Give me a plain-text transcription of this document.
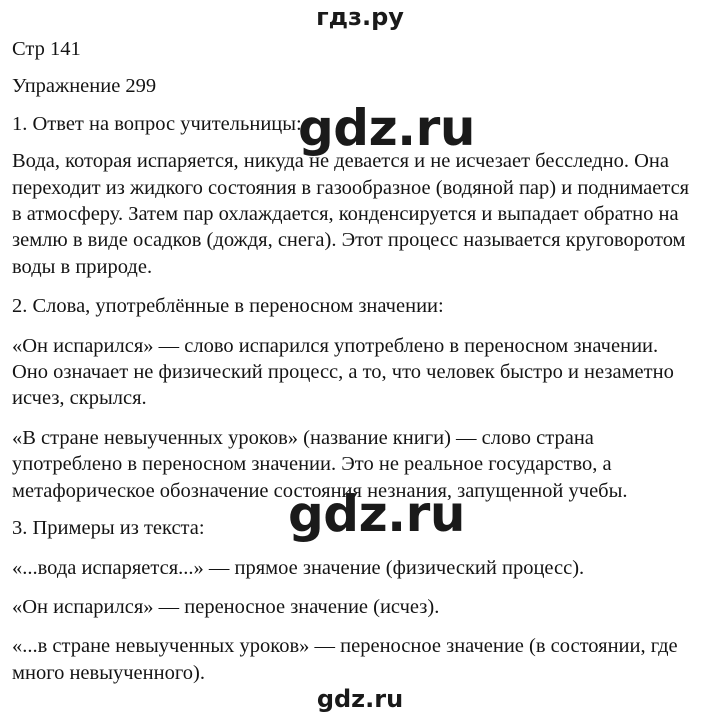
гдз.ру

Стр 141

Упражнение 299

1. Ответ на вопрос учительницы:

Вода, которая испаряется, никуда не девается и не исчезает бесследно. Она

переходит из жидкого состояния в газообразное (водяной пар) и поднимается

в атмосферу. Затем пар охлаждается, конденсируется и выпадает обратно на

землю в виде осадков (дождя, снега). Этот процесс называется круговоротом

воды в природе.

2. Слова, употреблённые в переносном значении:

«Он испарился» — слово испарился употреблено в переносном значении.

Оно означает не физический процесс, а то, что человек быстро и незаметно

исчез, скрылся.

«В стране невыученных уроков» (название книги) — слово страна

употреблено в переносном значении. Это не реальное государство, а

метафорическое обозначение состояния незнания, запущенной учебы.

3. Примеры из текста:

«...вода испаряется...» — прямое значение (физический процесс).

«Он испарился» — переносное значение (исчез).

«...в стране невыученных уроков» — переносное значение (в состоянии, где

много невыученного).

gdz.ru
gdz.ru
gdz.ru
